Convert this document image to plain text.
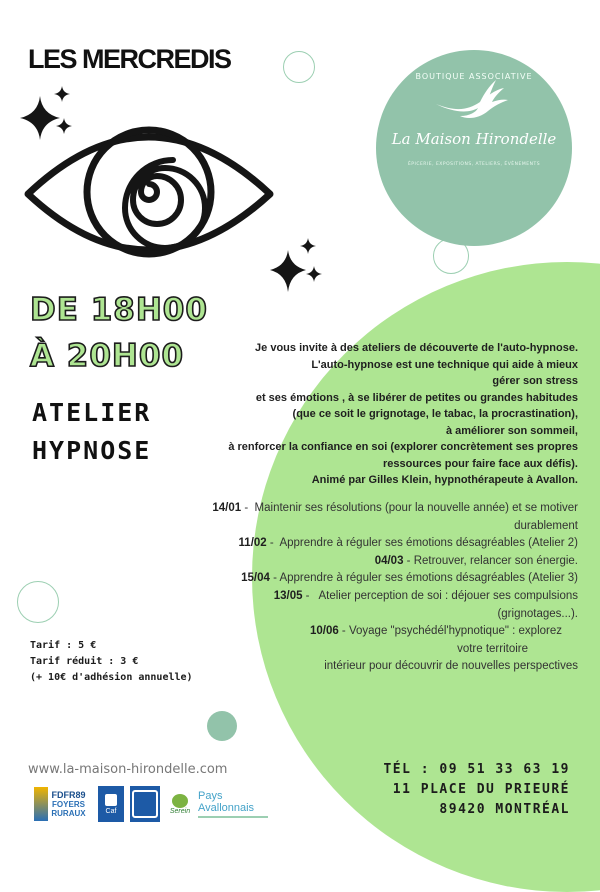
BOUTIQUE ASSOCIATIVE
La Maison Hirondelle
ÉPICERIE, EXPOSITIONS, ATELIERS, ÉVÈNEMENTS
LES MERCREDIS
DE 18H00
À 20H00
ATELIER
HYPNOSE
Je vous invite à des ateliers de découverte de l'auto-hypnose.
L'auto-hypnose est une technique qui aide à mieux
gérer son stress
et ses émotions , à se libérer de petites ou grandes habitudes
(que ce soit le grignotage, le tabac, la procrastination),
à améliorer son sommeil,
à renforcer la confiance en soi (explorer concrètement ses propres
ressources pour faire face aux défis).
Animé par Gilles Klein, hypnothérapeute à Avallon.
14/01 -  Maintenir ses résolutions (pour la nouvelle année) et se motiver
durablement
11/02 -  Apprendre à réguler ses émotions désagréables (Atelier 2)
04/03 - Retrouver, relancer son énergie.
15/04 - Apprendre à réguler ses émotions désagréables (Atelier 3)
13/05 -   Atelier perception de soi : déjouer ses compulsions
(grignotages...).
10/06 - Voyage "psychédél'hypnotique" : explorez
votre territoire
intérieur pour découvrir de nouvelles perspectives
Tarif : 5 €
Tarif réduit : 3 €
(+ 10€ d'adhésion annuelle)
www.la-maison-hirondelle.com	TÉL : 09 51 33 63 19
11 PLACE DU PRIEURÉ
89420 MONTRÉAL
FDFR89
FOYERS
RURAUX	Caf	Serein
Pays
Avallonnais
